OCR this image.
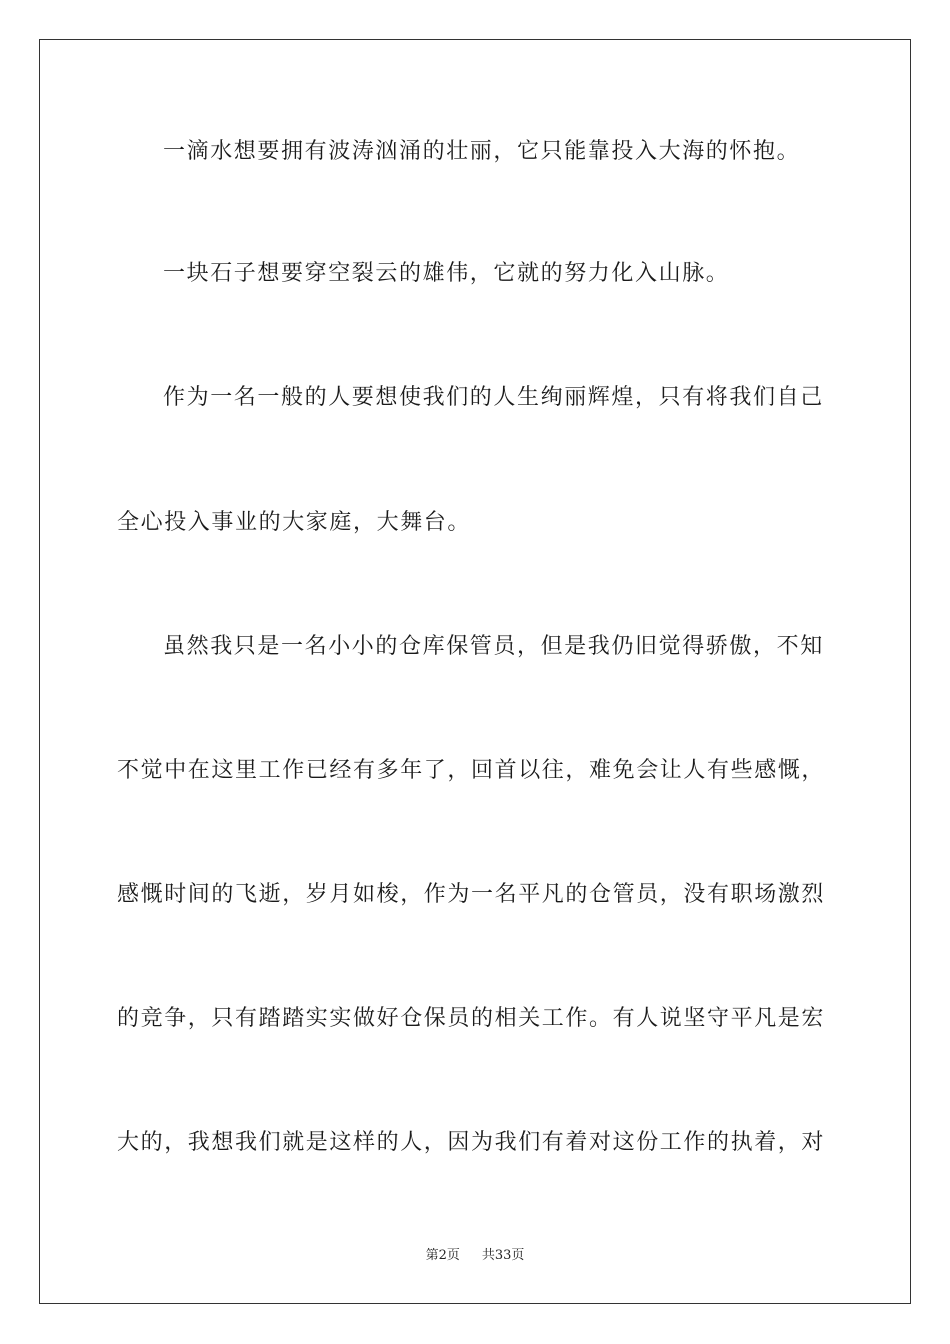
一滴水想要拥有波涛汹涌的壮丽，它只能靠投入大海的怀抱。
一块石子想要穿空裂云的雄伟，它就的努力化入山脉。
作为一名一般的人要想使我们的人生绚丽辉煌，只有将我们自己
全心投入事业的大家庭，大舞台。
虽然我只是一名小小的仓库保管员，但是我仍旧觉得骄傲，不知
不觉中在这里工作已经有多年了，回首以往，难免会让人有些感慨，
感慨时间的飞逝，岁月如梭，作为一名平凡的仓管员，没有职场激烈
的竞争，只有踏踏实实做好仓保员的相关工作。有人说坚守平凡是宏
大的，我想我们就是这样的人，因为我们有着对这份工作的执着，对
第2页 共33页
